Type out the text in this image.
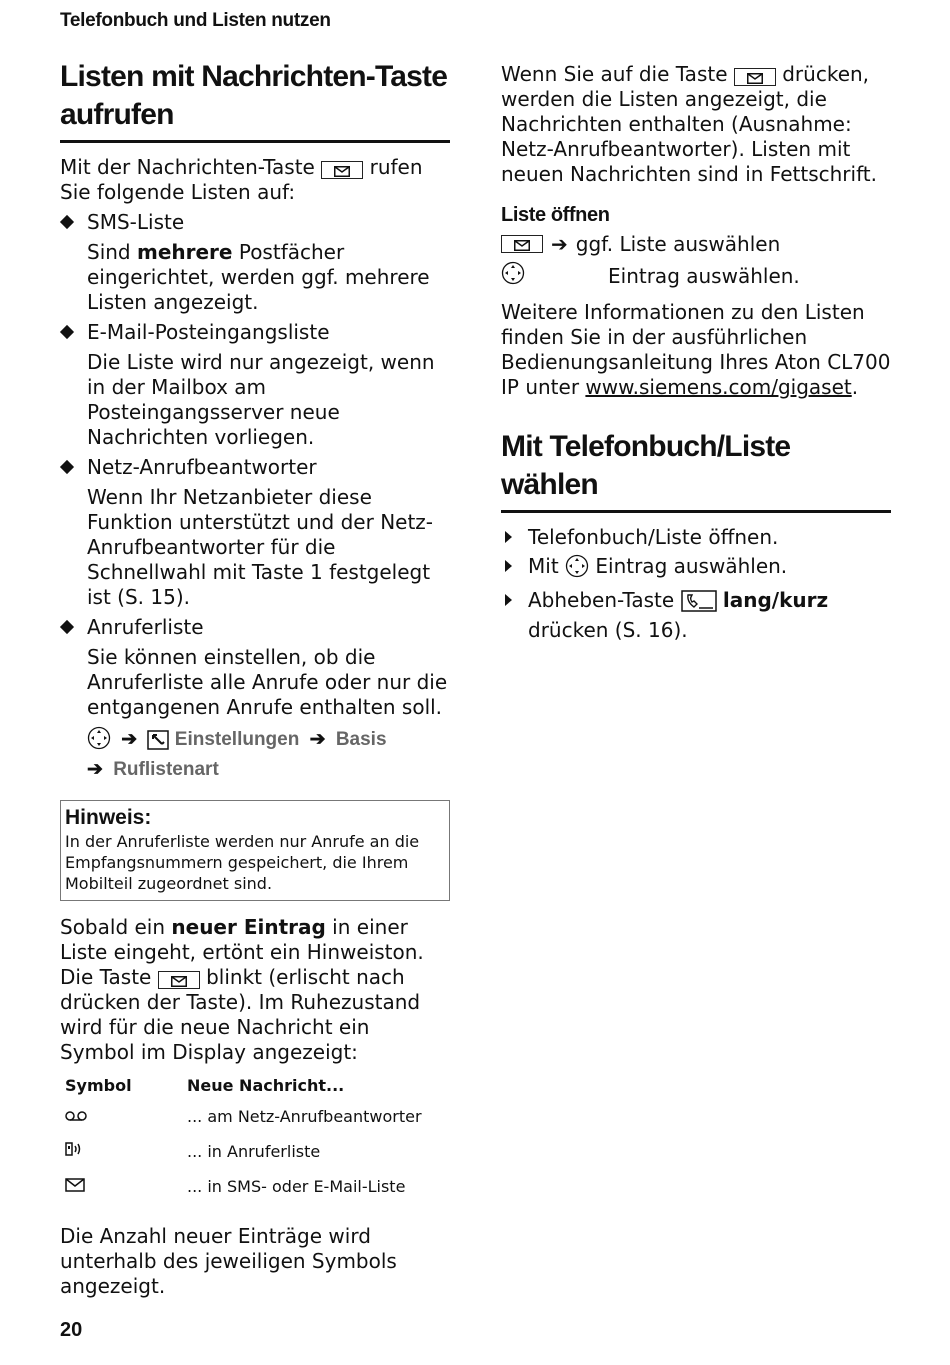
Telefonbuch und Listen nutzen
Listen mit Nachrichten-Taste aufrufen

Mit der Nachrichten-Taste	rufen Sie folgende Listen auf:

SMS-Liste

Sind mehrere Postfächer eingerichtet, werden ggf. mehrere Listen angezeigt.

E-Mail-Posteingangsliste

Die Liste wird nur angezeigt, wenn in der Mailbox am Posteingangsserver neue Nachrichten vorliegen.

Netz-Anrufbeantworter

Wenn Ihr Netzanbieter diese Funktion unterstützt und der Netz-Anrufbeantworter für die Schnellwahl mit Taste 1 festgelegt ist (S. 15).

Anruferliste

Sie können einstellen, ob die Anruferliste alle Anrufe oder nur die entgangenen Anrufe enthalten soll.

➔ Einstellungen ➔ Basis
➔ Ruflistenart
Hinweis:
In der Anruferliste werden nur Anrufe an die Empfangsnummern gespeichert, die Ihrem Mobilteil zugeordnet sind.

Sobald ein neuer Eintrag in einer Liste eingeht, ertönt ein Hinweiston. Die Taste	blinkt (erlischt nach drücken der Taste). Im Ruhezustand wird für die neue Nachricht ein Symbol im Display angezeigt:

Symbol	Neue Nachricht...
	... am Netz-Anrufbeantworter
	... in Anruferliste
	... in SMS- oder E-Mail-Liste

Die Anzahl neuer Einträge wird unterhalb des jeweiligen Symbols angezeigt.

Wenn Sie auf die Taste	drücken, werden die Listen angezeigt, die Nachrichten enthalten (Ausnahme: Netz-Anrufbeantworter). Listen mit neuen Nachrichten sind in Fettschrift.

Liste öffnen
➔ ggf. Liste auswählen
Eintrag auswählen.

Weitere Informationen zu den Listen finden Sie in der ausführlichen Bedienungsanleitung Ihres Aton CL700 IP unter www.siemens.com/gigaset.

Mit Telefonbuch/Liste wählen
Telefonbuch/Liste öffnen.
Mit Eintrag auswählen.
Abheben-Taste lang/kurz drücken (S. 16).
20
